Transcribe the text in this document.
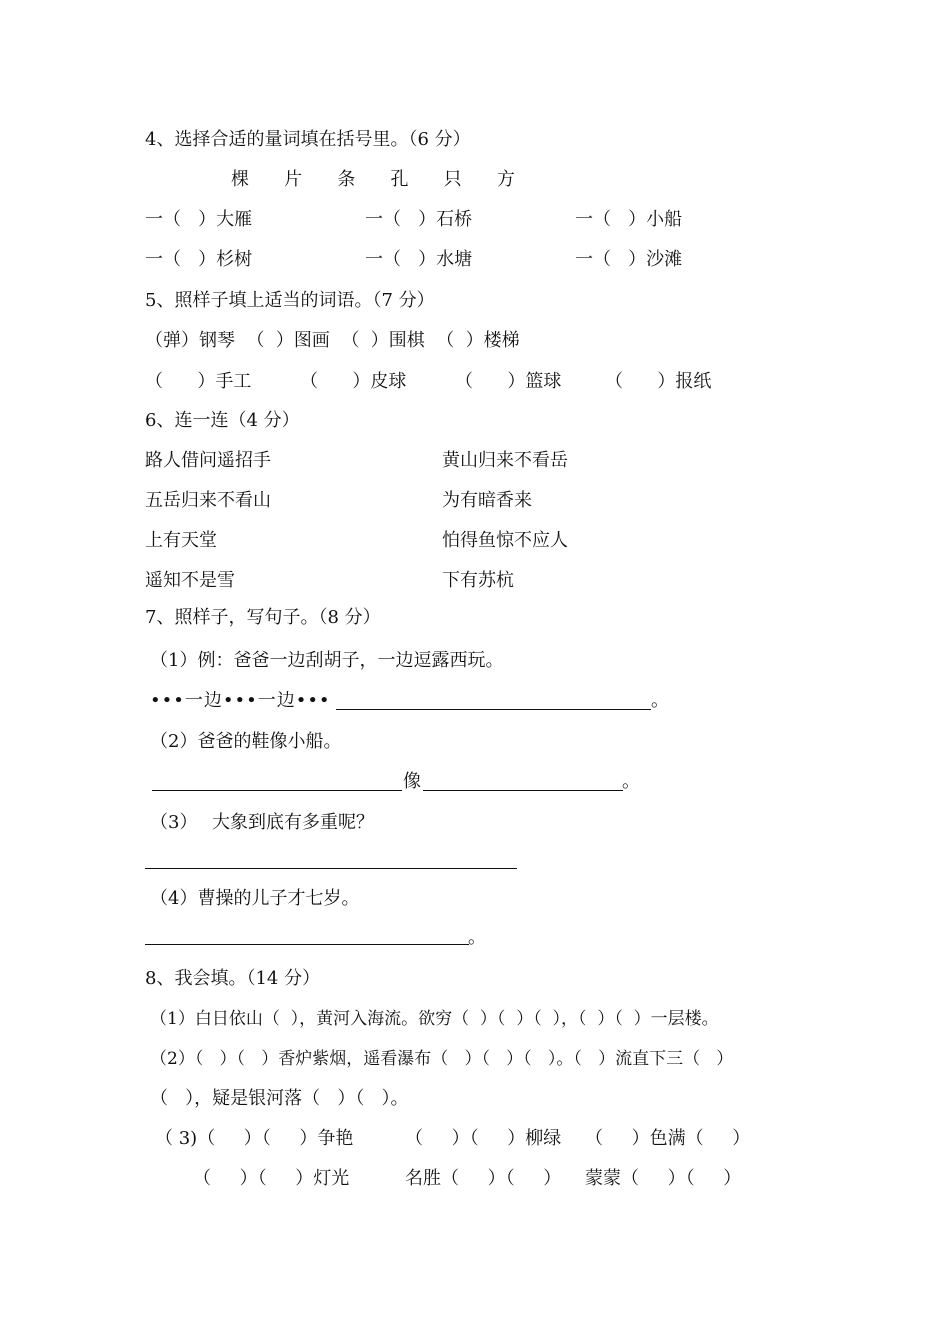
4、选择合适的量词填在括号里。（6 分）
棵   片   条   孔   只   方
一（   ）大雁	一（   ）石桥	一（   ）小船
一（   ）杉树	一（   ）水塘	一（   ）沙滩
5、照样子填上适当的词语。（7 分）
（弹）钢琴  （  ）图画  （  ）围棋  （  ）楼梯
（      ）手工	（      ）皮球	（      ）篮球 （      ）报纸
6、连一连（4 分）
路人借问遥招手	黄山归来不看岳
五岳归来不看山	为有暗香来
上有天堂	怕得鱼惊不应人
遥知不是雪	下有苏杭
7、照样子，写句子。（8 分）
（1）例：爸爸一边刮胡子，一边逗露西玩。
•••一边•••一边•••	。
（2）爸爸的鞋像小船。
像	。
（3） 大象到底有多重呢？
（4）曹操的儿子才七岁。
。
8、我会填。（14 分）
（1）白日依山（  ），黄河入海流。欲穷（  ）（  ）（  ），（  ）（  ）一层楼。
（2）（   ）（   ）香炉紫烟，遥看瀑布（   ）（   ）（   ）。（   ）流直下三（   ）
（   ），疑是银河落（   ）（   ）。
（ 3)（     ）（     ）争艳	（     ）（     ）柳绿 （     ）色满（     ）
（     ）（     ）灯光	名胜（     ）（     ） 蒙蒙（     ）（     ）
